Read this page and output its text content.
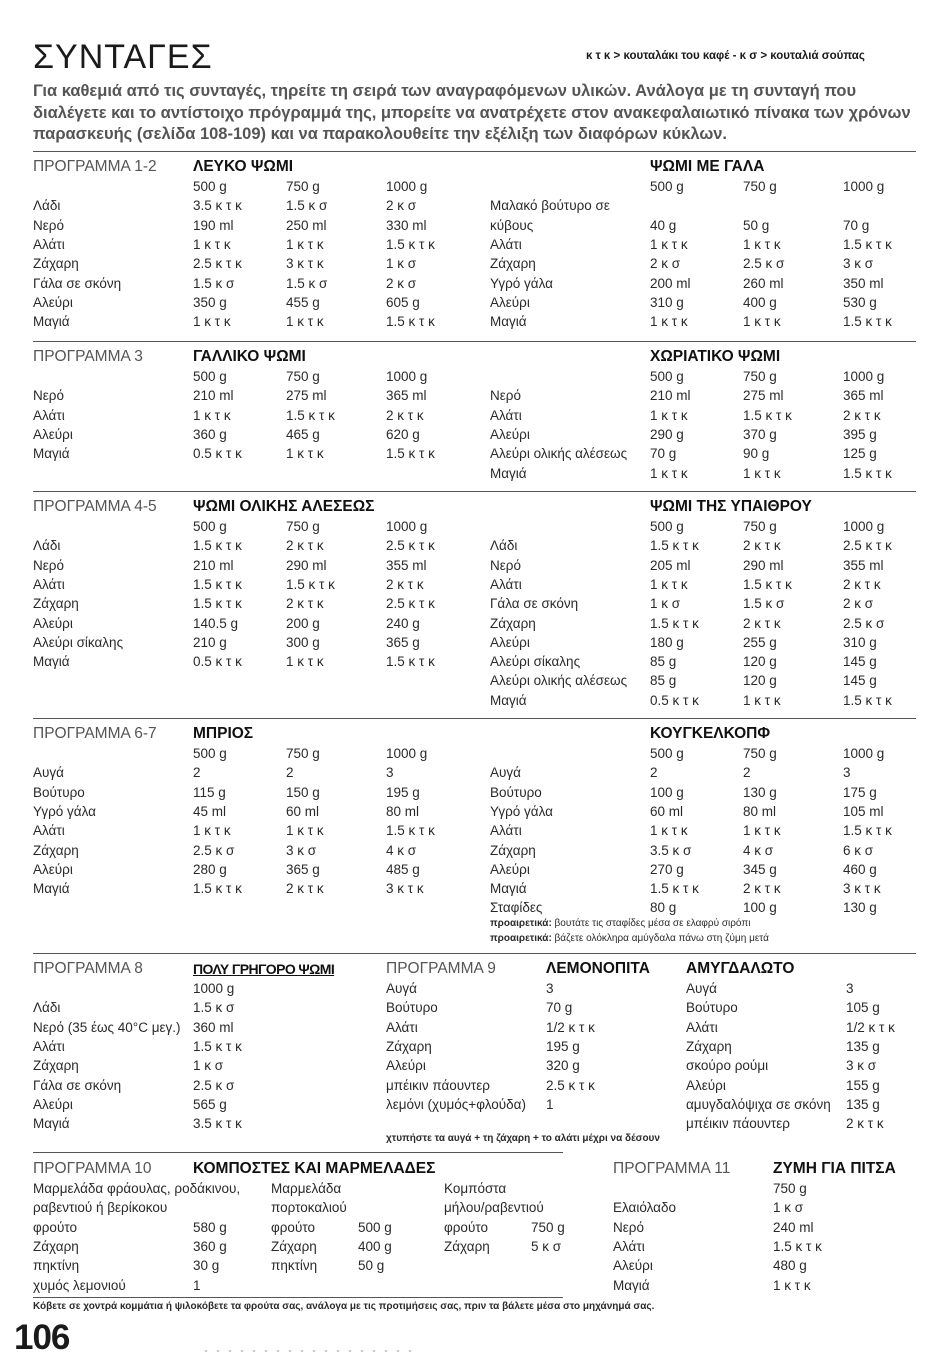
ΣΥΝΤΑΓΕΣ	κ τ κ > κουταλάκι του καφέ - κ σ > κουταλιά σούπας
Για καθεμιά από τις συνταγές, τηρείτε τη σειρά των αναγραφόμενων υλικών. Ανάλογα με τη συνταγή που διαλέγετε και το αντίστοιχο πρόγραμμά της, μπορείτε να ανατρέχετε στον ανακεφαλαιωτικό πίνακα των χρόνων παρασκευής (σελίδα 108-109) και να παρακολουθείτε την εξέλιξη των διαφόρων κύκλων.
ΠΡΟΓΡΑΜΜΑ 1-2 ΛΕΥΚΟ ΨΩΜΙ	ΨΩΜΙ ΜΕ ΓΑΛΑ
500 g	750 g	1000 g
Λάδι	3.5 κ τ κ	1.5 κ σ	2 κ σ
Νερό	190 ml	250 ml	330 ml
Αλάτι	1 κ τ κ	1 κ τ κ	1.5 κ τ κ
Ζάχαρη	2.5 κ τ κ	3 κ τ κ	1 κ σ
Γάλα σε σκόνη	1.5 κ σ	1.5 κ σ	2 κ σ
Αλεύρι	350 g	455 g	605 g
Μαγιά	1 κ τ κ	1 κ τ κ	1.5 κ τ κ
500 g	750 g	1000 g
Μαλακό βούτυρο σε
κύβους	40 g	50 g	70 g
Αλάτι	1 κ τ κ	1 κ τ κ	1.5 κ τ κ
Ζάχαρη	2 κ σ	2.5 κ σ	3 κ σ
Υγρό γάλα	200 ml	260 ml	350 ml
Αλεύρι	310 g	400 g	530 g
Μαγιά	1 κ τ κ	1 κ τ κ	1.5 κ τ κ
ΠΡΟΓΡΑΜΜΑ 3	ΓΑΛΛΙΚΟ ΨΩΜΙ	ΧΩΡΙΑΤΙΚΟ ΨΩΜΙ
500 g	750 g	1000 g
Νερό	210 ml	275 ml	365 ml
Αλάτι	1 κ τ κ	1.5 κ τ κ	2 κ τ κ
Αλεύρι	360 g	465 g	620 g
Μαγιά	0.5 κ τ κ	1 κ τ κ	1.5 κ τ κ
500 g	750 g	1000 g
Νερό	210 ml	275 ml	365 ml
Αλάτι	1 κ τ κ	1.5 κ τ κ	2 κ τ κ
Αλεύρι	290 g	370 g	395 g
Αλεύρι ολικής αλέσεως 70 g	90 g	125 g
Μαγιά	1 κ τ κ	1 κ τ κ	1.5 κ τ κ
ΠΡΟΓΡΑΜΜΑ 4-5 ΨΩΜΙ ΟΛΙΚΗΣ ΑΛΕΣΕΩΣ	ΨΩΜΙ ΤΗΣ ΥΠΑΙΘΡΟΥ
500 g	750 g	1000 g
Λάδι	1.5 κ τ κ	2 κ τ κ	2.5 κ τ κ
Νερό	210 ml	290 ml	355 ml
Αλάτι	1.5 κ τ κ	1.5 κ τ κ	2 κ τ κ
Ζάχαρη	1.5 κ τ κ	2 κ τ κ	2.5 κ τ κ
Αλεύρι	140.5 g	200 g	240 g
Αλεύρι σίκαλης	210 g	300 g	365 g
Μαγιά	0.5 κ τ κ	1 κ τ κ	1.5 κ τ κ
500 g	750 g	1000 g
Λάδι	1.5 κ τ κ	2 κ τ κ	2.5 κ τ κ
Νερό	205 ml	290 ml	355 ml
Αλάτι	1 κ τ κ	1.5 κ τ κ	2 κ τ κ
Γάλα σε σκόνη	1 κ σ	1.5 κ σ	2 κ σ
Ζάχαρη	1.5 κ τ κ	2 κ τ κ	2.5 κ σ
Αλεύρι	180 g	255 g	310 g
Αλεύρι σίκαλης	85 g	120 g	145 g
Αλεύρι ολικής αλέσεως 85 g	120 g	145 g
Μαγιά	0.5 κ τ κ	1 κ τ κ	1.5 κ τ κ
ΠΡΟΓΡΑΜΜΑ 6-7 ΜΠΡΙΟΣ	ΚΟΥΓΚΕΛΚΟΠΦ
500 g	750 g	1000 g
Αυγά	2	2	3
Βούτυρο	115 g	150 g	195 g
Υγρό γάλα	45 ml	60 ml	80 ml
Αλάτι	1 κ τ κ	1 κ τ κ	1.5 κ τ κ
Ζάχαρη	2.5 κ σ	3 κ σ	4 κ σ
Αλεύρι	280 g	365 g	485 g
Μαγιά	1.5 κ τ κ	2 κ τ κ	3 κ τ κ
500 g	750 g	1000 g
Αυγά	2	2	3
Βούτυρο	100 g	130 g	175 g
Υγρό γάλα	60 ml	80 ml	105 ml
Αλάτι	1 κ τ κ	1 κ τ κ	1.5 κ τ κ
Ζάχαρη	3.5 κ σ	4 κ σ	6 κ σ
Αλεύρι	270 g	345 g	460 g
Μαγιά	1.5 κ τ κ	2 κ τ κ	3 κ τ κ
Σταφίδες	80 g	100 g	130 g
προαιρετικά: βουτάτε τις σταφίδες μέσα σε ελαφρύ σιρόπι
προαιρετικά: βάζετε ολόκληρα αμύγδαλα πάνω στη ζύμη μετά
ΠΡΟΓΡΑΜΜΑ 8	ΠΟΛΥ ΓΡΗΓΟΡΟ ΨΩΜΙ	ΠΡΟΓΡΑΜΜΑ 9	ΛΕΜΟΝΟΠΙΤΑ ΑΜΥΓΔΑΛΩΤΟ
1000 g
Λάδι	1.5 κ σ
Νερό (35 έως 40°C μεγ.) 360 ml
Αλάτι	1.5 κ τ κ
Ζάχαρη	1 κ σ
Γάλα σε σκόνη	2.5 κ σ
Αλεύρι	565 g
Μαγιά	3.5 κ τ κ
Αυγά	3
Βούτυρο	70 g
Αλάτι	1/2 κ τ κ
Ζάχαρη	195 g
Αλεύρι	320 g
μπέικιν πάουντερ	2.5 κ τ κ
λεμόνι (χυμός+φλούδα) 1
Αυγά	3
Βούτυρο	105 g
Αλάτι	1/2 κ τ κ
Ζάχαρη	135 g
σκούρο ρούμι	3 κ σ
Αλεύρι	155 g
αμυγδαλόψιχα σε σκόνη 135 g
μπέικιν πάουντερ	2 κ τ κ
χτυπήστε τα αυγά + τη ζάχαρη + το αλάτι μέχρι να δέσουν
ΠΡΟΓΡΑΜΜΑ 10	ΚΟΜΠΟΣΤΕΣ ΚΑΙ ΜΑΡΜΕΛΑΔΕΣ	ΠΡΟΓΡΑΜΜΑ 11	ΖΥΜΗ ΓΙΑ ΠΙΤΣΑ
Μαρμελάδα φράουλας, ροδάκινου,
ραβεντιού ή βερίκοκου
φρούτο	580 g
Ζάχαρη	360 g
πηκτίνη	30 g
χυμός λεμονιού	1
Μαρμελάδα
πορτοκαλιού
φρούτο	500 g
Ζάχαρη	400 g
πηκτίνη	50 g
Κομπόστα
μήλου/ραβεντιού
φρούτο	750 g
Ζάχαρη	5 κ σ
750 g
Ελαιόλαδο	1 κ σ
Νερό	240 ml
Αλάτι	1.5 κ τ κ
Αλεύρι	480 g
Μαγιά	1 κ τ κ
Κόβετε σε χοντρά κομμάτια ή ψιλοκόβετε τα φρούτα σας, ανάλογα με τις προτιμήσεις σας, πριν τα βάλετε μέσα στο μηχάνημά σας.
106
